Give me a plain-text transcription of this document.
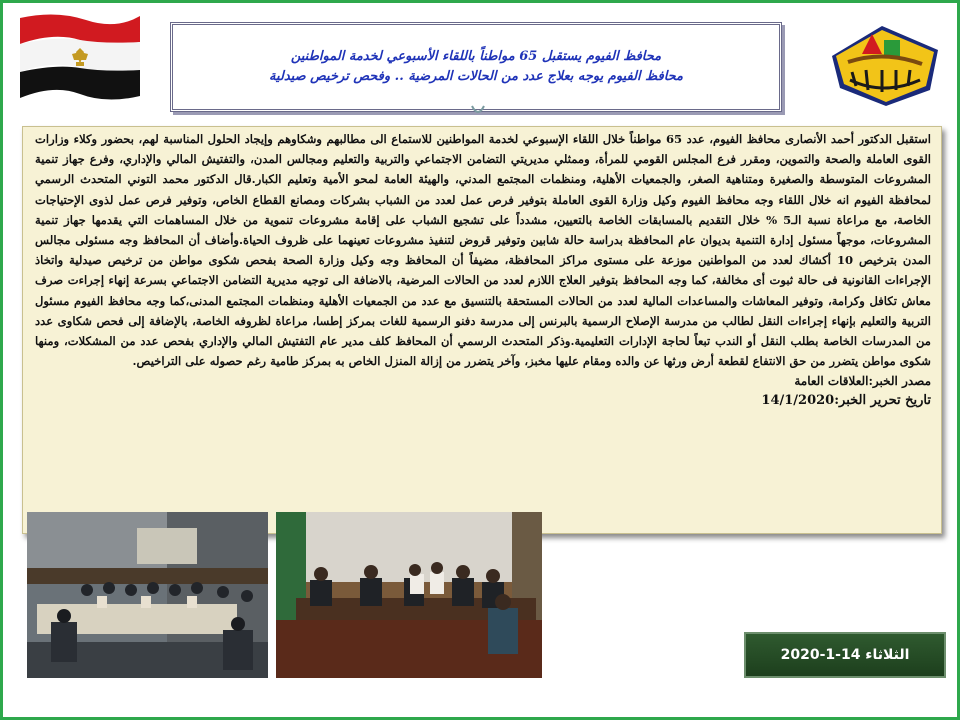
محافظ الفيوم يستقبل 65 مواطناً باللقاء الأسبوعي لخدمة المواطنين
محافظ الفيوم يوجه بعلاج عدد من الحالات المرضية .. وفحص ترخيص صيدلية

استقبل الدكتور أحمد الأنصارى محافظ الفيوم، عدد 65 مواطناً خلال اللقاء الإسبوعي لخدمة المواطنين للاستماع الى مطالبهم وشكاوهم وإيجاد الحلول المناسبة لهم، بحضور وكلاء وزارات القوى العاملة والصحة والتموين، ومقرر فرع المجلس القومي للمرأة، وممثلي مديريتي التضامن الاجتماعي والتربية والتعليم ومجالس المدن، والتفتيش المالي والإداري، وفرع جهاز تنمية المشروعات المتوسطة والصغيرة ومتناهية الصغر، والجمعيات الأهلية، ومنظمات المجتمع المدني، والهيئة العامة لمحو الأمية وتعليم الكبار.قال الدكتور محمد التوني المتحدث الرسمي لمحافظة الفيوم انه خلال اللقاء وجه محافظ الفيوم وكيل وزارة القوى العاملة بتوفير فرص عمل لعدد من الشباب بشركات ومصانع القطاع الخاص، وتوفير فرص عمل لذوى الإحتياجات الخاصة، مع مراعاة نسبة الـ5 % خلال التقديم بالمسابقات الخاصة بالتعيين، مشدداً على تشجيع الشباب على إقامة مشروعات تنموية من خلال المساهمات التي يقدمها جهاز تنمية المشروعات، موجهاً مسئول إدارة التنمية بديوان عام المحافظة بدراسة حالة شابين وتوفير قروض لتنفيذ مشروعات تعينهما على ظروف الحياة.وأضاف أن المحافظ وجه مسئولى مجالس المدن بترخيص 10 أكشاك لعدد من المواطنين موزعة على مستوى مراكز المحافظة، مضيفاً أن المحافظ وجه وكيل وزارة الصحة بفحص شكوى مواطن من ترخيص صيدلية واتخاذ الإجراءات القانونية فى حالة ثبوت أى مخالفة، كما وجه المحافظ بتوفير العلاج اللازم لعدد من الحالات المرضية، بالاضافة الى توجيه مديرية التضامن الاجتماعي بسرعة إنهاء إجراءت صرف معاش تكافل وكرامة، وتوفير المعاشات والمساعدات المالية لعدد من الحالات المستحقة بالتنسيق مع عدد من الجمعيات الأهلية ومنظمات المجتمع المدنى،كما وجه محافظ الفيوم مسئول التربية والتعليم بإنهاء إجراءات النقل لطالب من مدرسة الإصلاح الرسمية بالبرنس إلى مدرسة دفنو الرسمية للغات بمركز إطسا، مراعاة لظروفه الخاصة، بالإضافة إلى فحص شكاوى عدد من المدرسات الخاصة بطلب النقل أو الندب تبعاً لحاجة الإدارات التعليمية.وذكر المتحدث الرسمي أن المحافظ كلف مدير عام التفتيش المالي والإداري بفحص عدد من المشكلات، ومنها شكوى مواطن يتضرر من حق الانتفاع لقطعة أرض ورثها عن والده ومقام عليها مخبز، وآخر يتضرر من إزالة المنزل الخاص به بمركز طامية رغم حصوله على التراخيص.

مصدر الخبر:العلاقات العامة

تاريخ تحرير الخبر:14/1/2020

الثلاثاء 14-1-2020
